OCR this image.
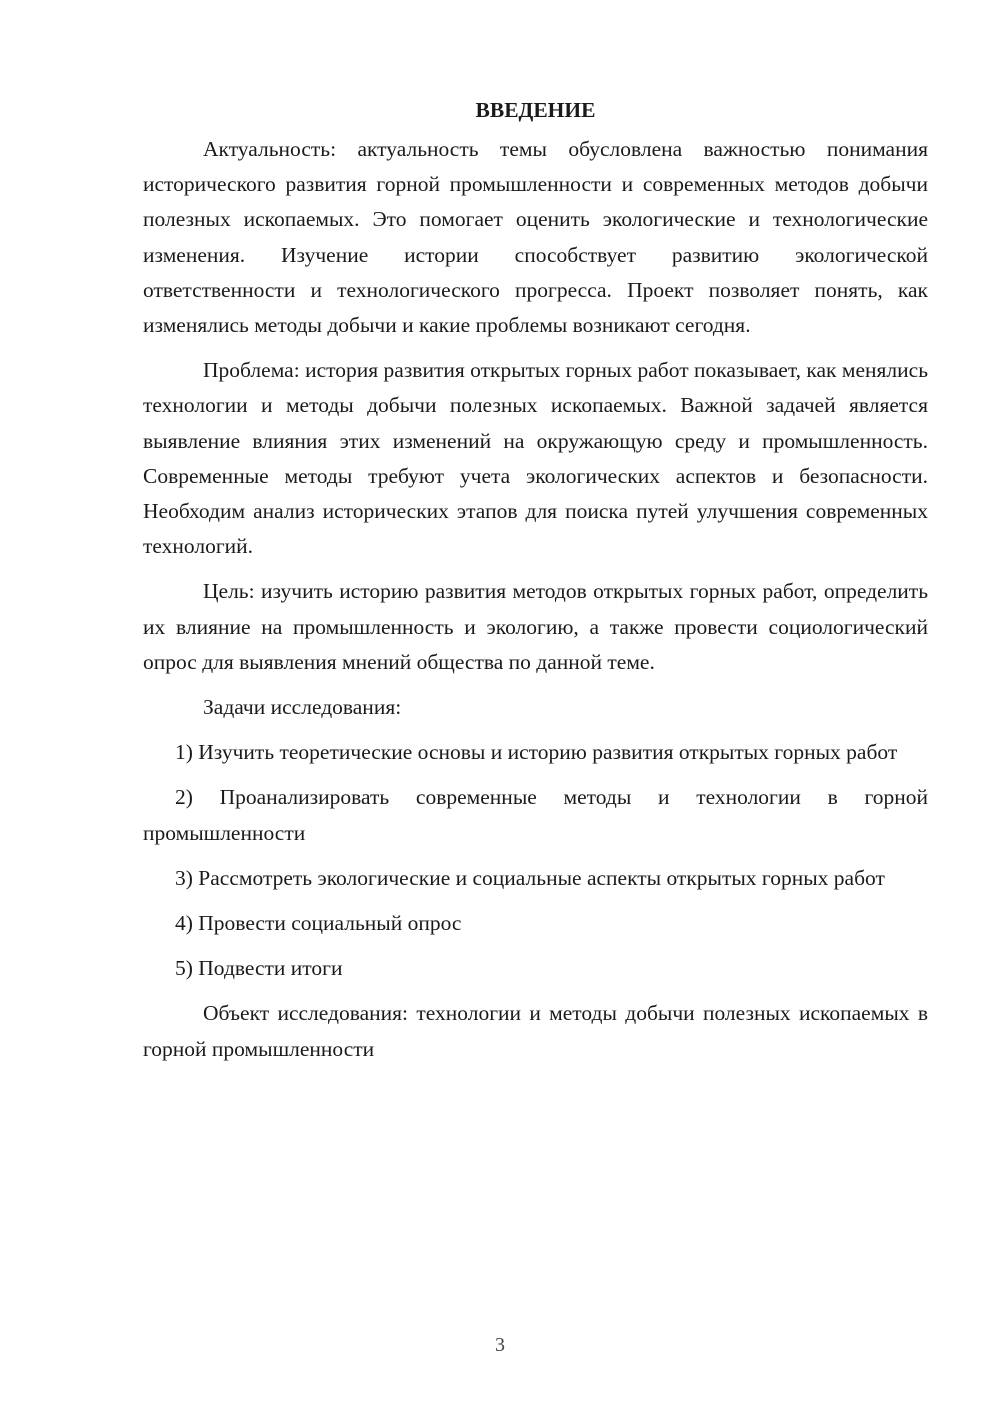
ВВЕДЕНИЕ

Актуальность: актуальность темы обусловлена важностью понимания исторического развития горной промышленности и современных методов добычи полезных ископаемых. Это помогает оценить экологические и технологические изменения. Изучение истории способствует развитию экологической ответственности и технологического прогресса. Проект позволяет понять, как изменялись методы добычи и какие проблемы возникают сегодня.

Проблема: история развития открытых горных работ показывает, как менялись технологии и методы добычи полезных ископаемых. Важной задачей является выявление влияния этих изменений на окружающую среду и промышленность. Современные методы требуют учета экологических аспектов и безопасности. Необходим анализ исторических этапов для поиска путей улучшения современных технологий.

Цель: изучить историю развития методов открытых горных работ, определить их влияние на промышленность и экологию, а также провести социологический опрос для выявления мнений общества по данной теме.

Задачи исследования:

1) Изучить теоретические основы и историю развития открытых горных работ

2) Проанализировать современные методы и технологии в горной промышленности

3) Рассмотреть экологические и социальные аспекты открытых горных работ

4) Провести социальный опрос

5) Подвести итоги

Объект исследования: технологии и методы добычи полезных ископаемых в горной промышленности

3
